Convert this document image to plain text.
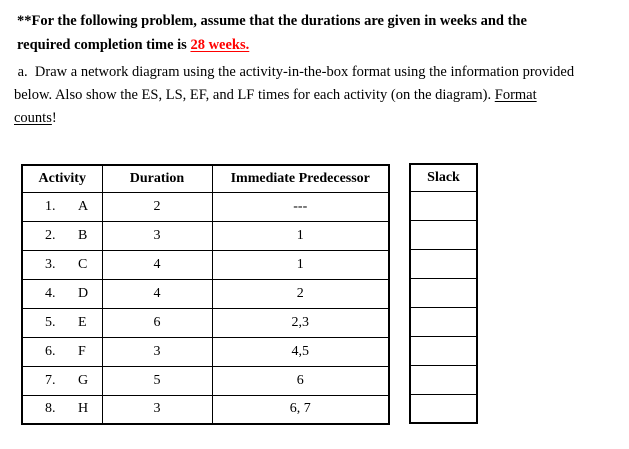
**For the following problem, assume that the durations are given in weeks and the
required completion time is 28 weeks.

a.  Draw a network diagram using the activity-in-the-box format using the information provided
below. Also show the ES, LS, EF, and LF times for each activity (on the diagram). Format
counts!

Activity	Duration	Immediate Predecessor
1. A	2	---
2. B	3	1
3. C	4	1
4. D	4	2
5. E	6	2,3
6. F	3	4,5
7. G	5	6
8. H	3	6, 7
Slack
